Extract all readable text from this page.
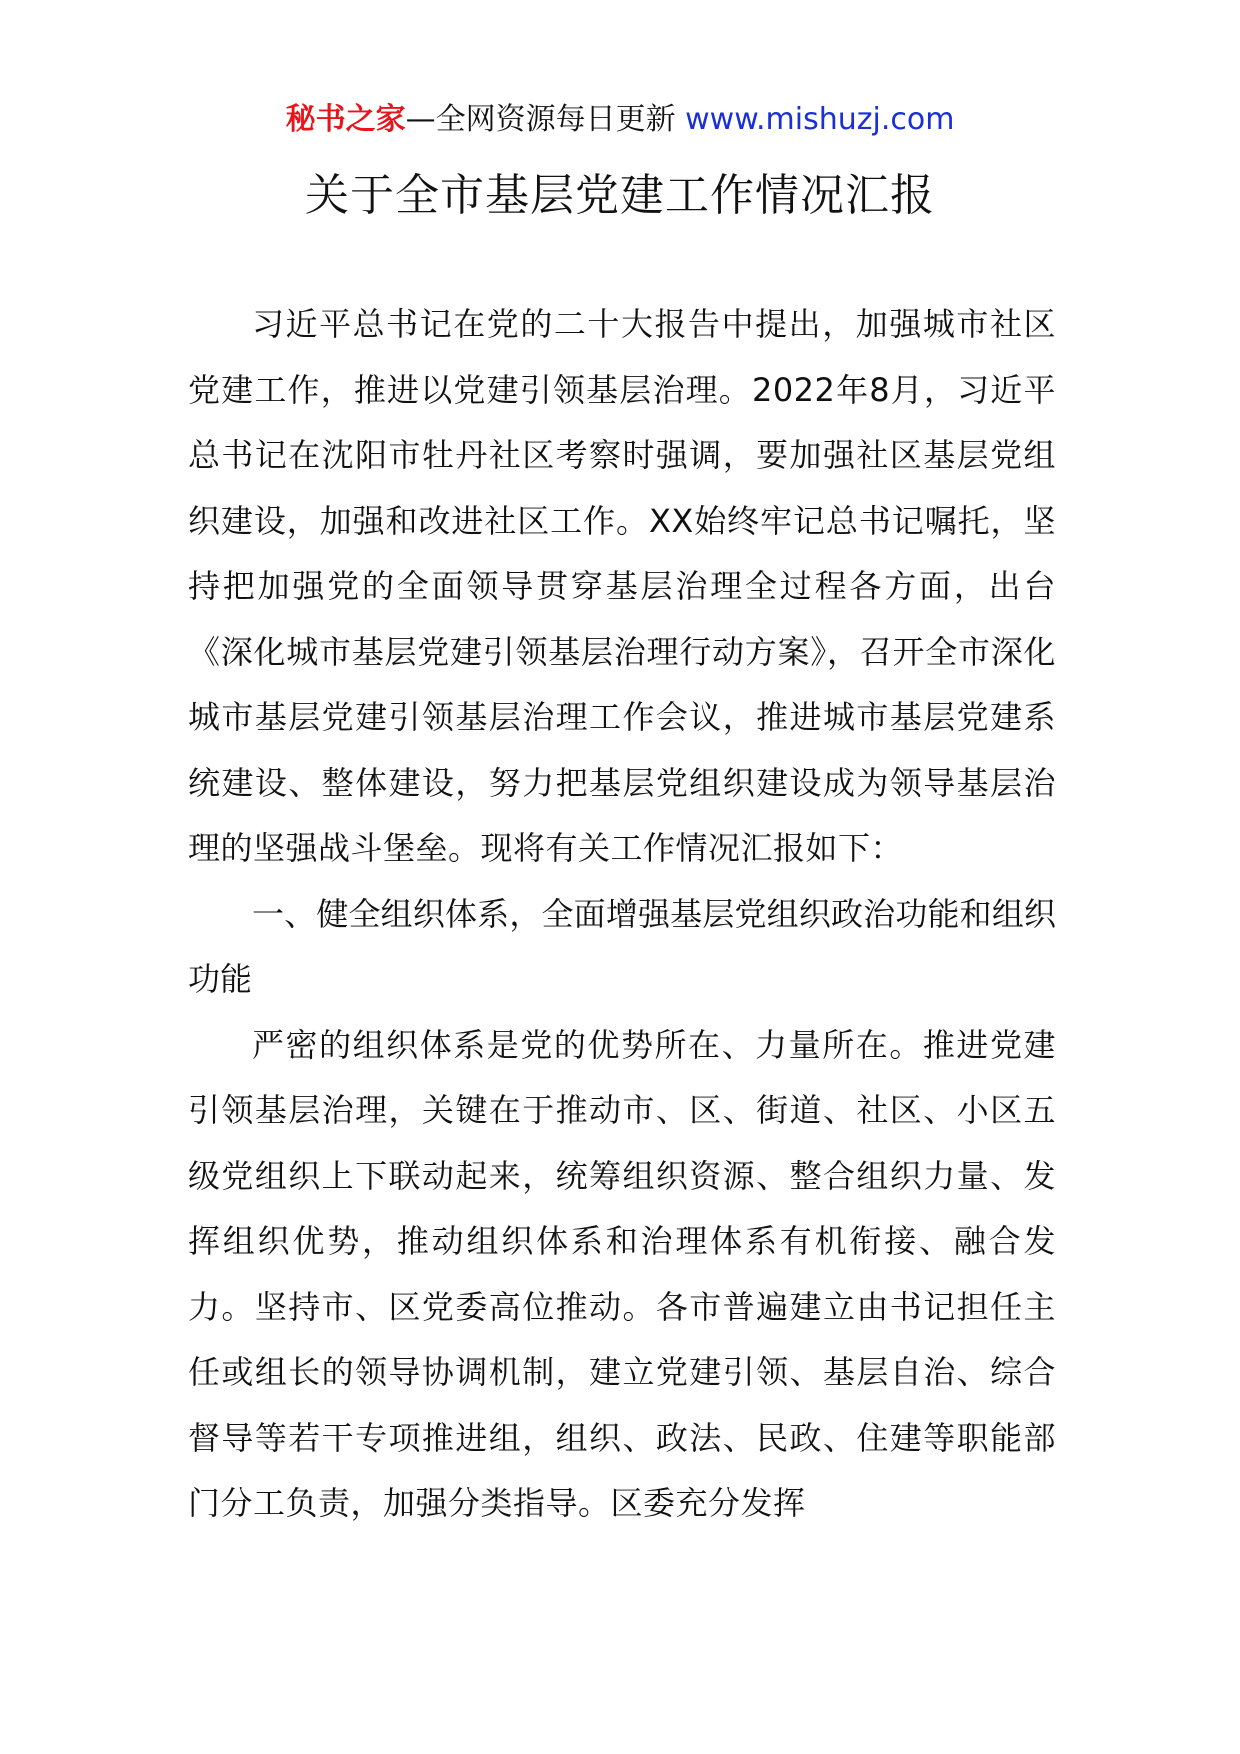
秘书之家—全网资源每日更新 www.mishuzj.com
关于全市基层党建工作情况汇报

习近平总书记在党的二十大报告中提出，加强城市社区党建工作，推进以党建引领基层治理。2022年8月，习近平总书记在沈阳市牡丹社区考察时强调，要加强社区基层党组织建设，加强和改进社区工作。XX始终牢记总书记嘱托，坚持把加强党的全面领导贯穿基层治理全过程各方面，出台《深化城市基层党建引领基层治理行动方案》，召开全市深化城市基层党建引领基层治理工作会议，推进城市基层党建系统建设、整体建设，努力把基层党组织建设成为领导基层治理的坚强战斗堡垒。现将有关工作情况汇报如下：

一、健全组织体系，全面增强基层党组织政治功能和组织功能

严密的组织体系是党的优势所在、力量所在。推进党建引领基层治理，关键在于推动市、区、街道、社区、小区五级党组织上下联动起来，统筹组织资源、整合组织力量、发挥组织优势，推动组织体系和治理体系有机衔接、融合发力。坚持市、区党委高位推动。各市普遍建立由书记担任主任或组长的领导协调机制，建立党建引领、基层自治、综合督导等若干专项推进组，组织、政法、民政、住建等职能部门分工负责，加强分类指导。区委充分发挥
